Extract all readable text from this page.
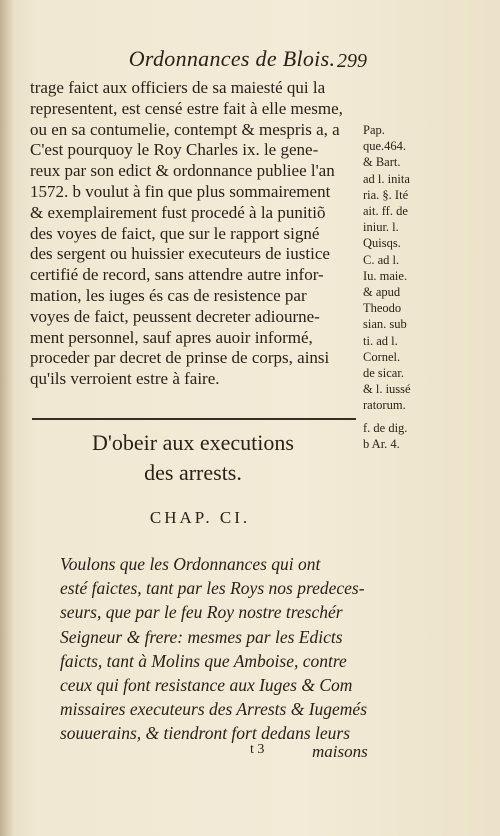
Ordonnances de Blois. 299
trage faict aux officiers de sa maiesté qui la
representent, est censé estre fait à elle mesme,
ou en sa contumelie, contempt & mespris a, a
C'est pourquoy le Roy Charles ix. le gene-
reux par son edict & ordonnance publiee l'an
1572. b voulut à fin que plus sommairement
& exemplairement fust procedé à la punitiõ
des voyes de faict, que sur le rapport signé
des sergent ou huissier executeurs de iustice
certifié de record, sans attendre autre infor-
mation, les iuges és cas de resistence par
voyes de faict, peussent decreter adiourne-
ment personnel, sauf apres auoir informé,
proceder par decret de prinse de corps, ainsi
qu'ils verroient estre à faire.
Pap.
que.464.
& Bart.
ad l. inita
ria. §. Ité
ait. ff. de
iniur. l.
Quisqs.
C. ad l.
Iu. maie.
& apud
Theodo
sian. sub
ti. ad l.
Cornel.
de sicar.
& l. iussé
ratorum.
D'obeir aux executions
des arrests.
f. de dig.
b Ar. 4.
CHAP. CI.
Voulons que les Ordonnances qui ont
esté faictes, tant par les Roys nos predeces-
seurs, que par le feu Roy nostre treschér
Seigneur & frere: mesmes par les Edicts
faicts, tant à Molins que Amboise, contre
ceux qui font resistance aux Iuges & Com
missaires executeurs des Arrests & Iugemés
souuerains, & tiendront fort dedans leurs
t 3	maisons
